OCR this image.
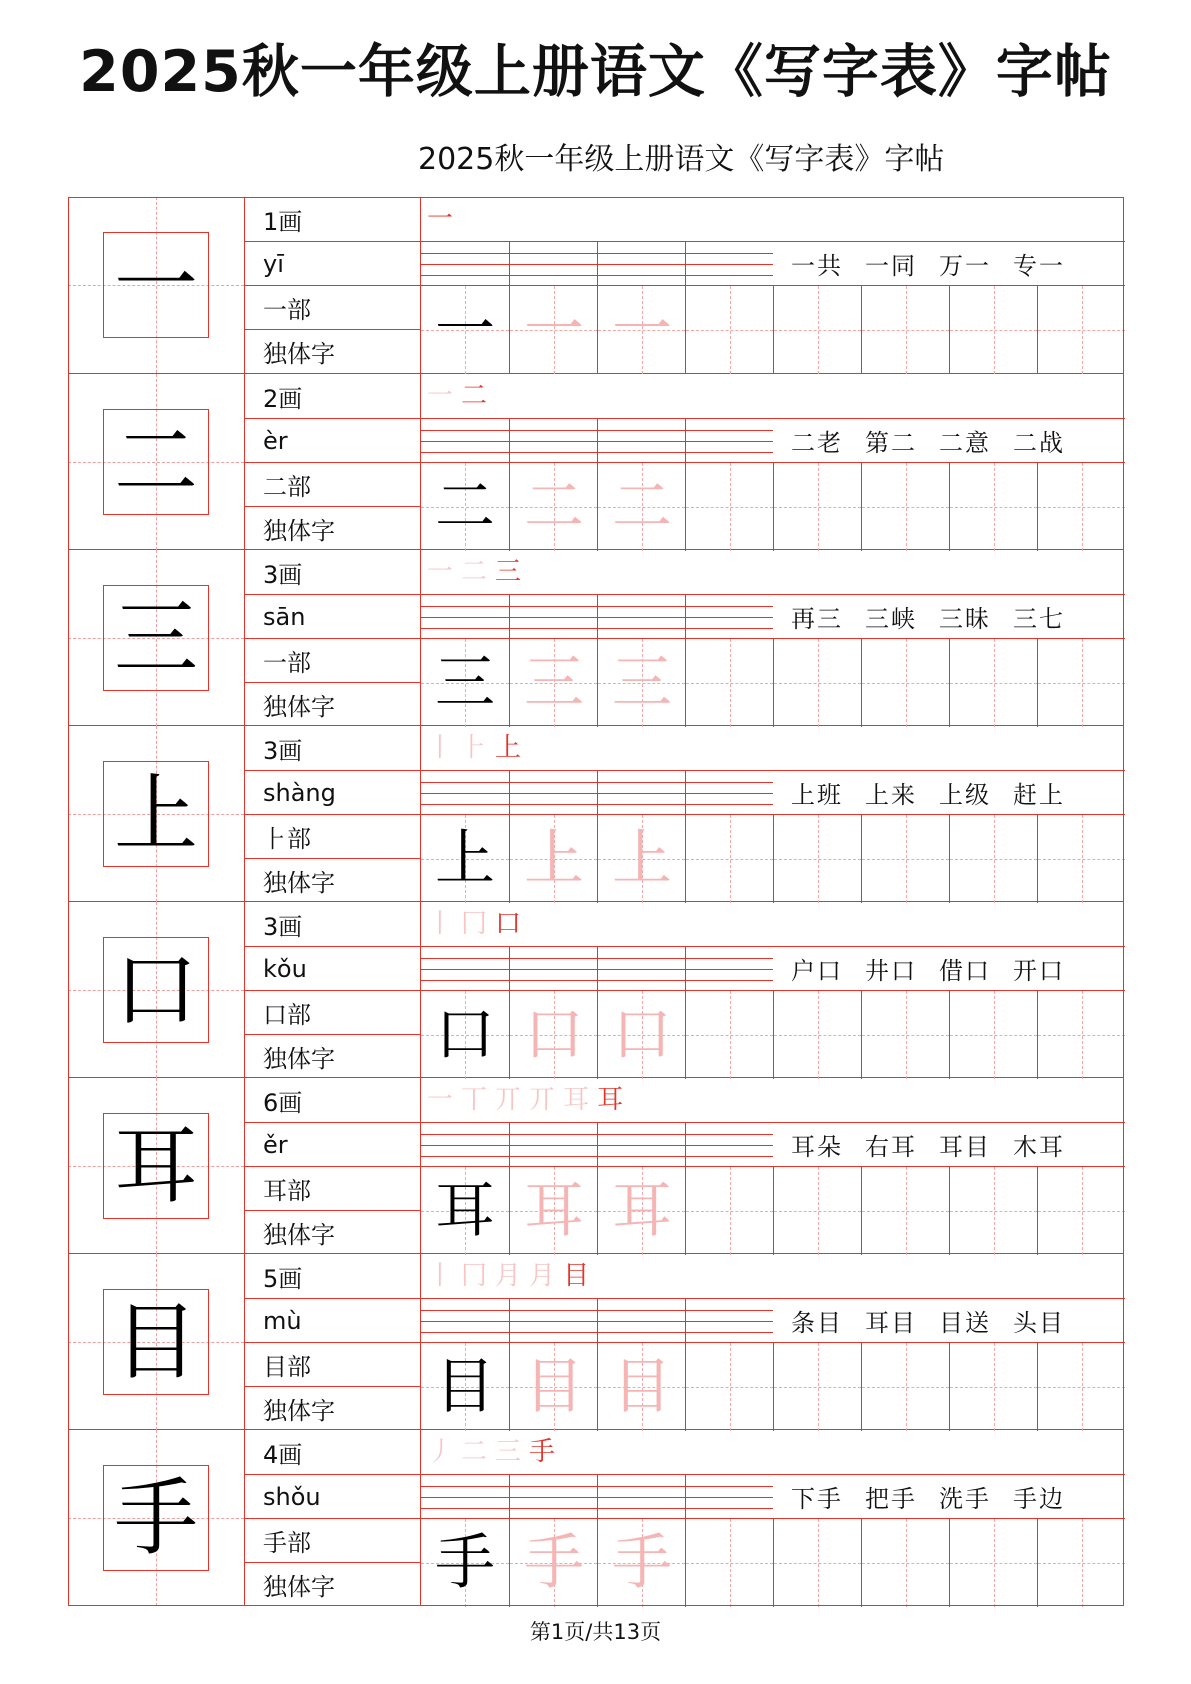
2025秋一年级上册语文《写字表》字帖
2025秋一年级上册语文《写字表》字帖
手
4画
shǒu
手部
独体字
丿 二 三 手
下手 把手 洗手 手边
手 手 手
目
5画
mù
目部
独体字
丨 冂 月 月 目
条目 耳目 目送 头目
目 目 目
耳
6画
ěr
耳部
独体字
一 丅 丌 丌 耳 耳
耳朵 右耳 耳目 木耳
耳 耳 耳
口
3画
kǒu
口部
独体字
丨 冂 口
户口 井口 借口 开口
口 口 口
上
3画
shàng
⺊部
独体字
丨 ⺊ 上
上班 上来 上级 赶上
上 上 上
三
3画
sān
一部
独体字
一 二 三
再三 三峡 三昧 三七
三 三 三
二
2画
èr
二部
独体字
一 二
二老 第二 二意 二战
二 二 二
一
1画
yī
一部
独体字
一
一共 一同 万一 专一
一 一 一
第1页/共13页
